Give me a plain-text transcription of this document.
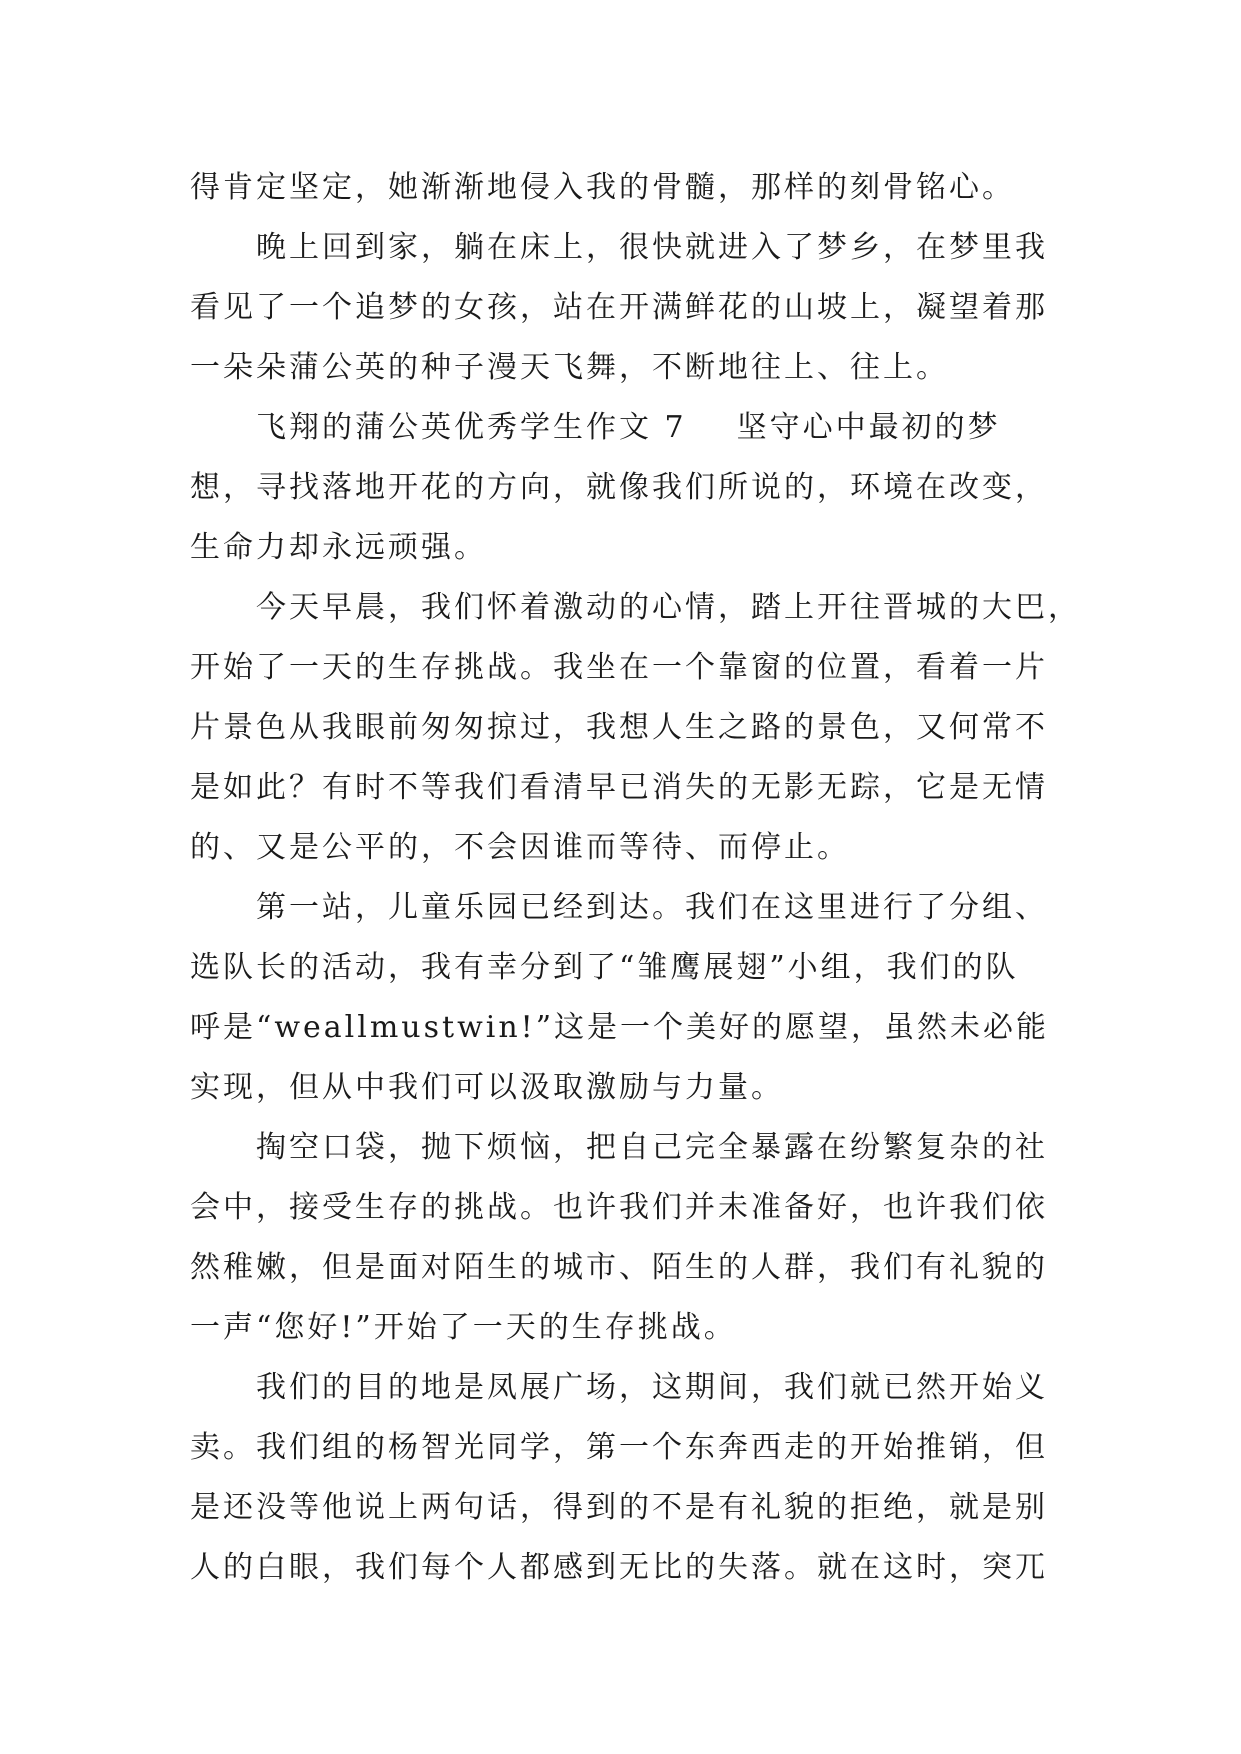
得肯定坚定，她渐渐地侵入我的骨髓，那样的刻骨铭心。
晚上回到家，躺在床上，很快就进入了梦乡，在梦里我
看见了一个追梦的女孩，站在开满鲜花的山坡上，凝望着那
一朵朵蒲公英的种子漫天飞舞，不断地往上、往上。
飞翔的蒲公英优秀学生作文 7 坚守心中最初的梦
想，寻找落地开花的方向，就像我们所说的，环境在改变，
生命力却永远顽强。
今天早晨，我们怀着激动的心情，踏上开往晋城的大巴，
开始了一天的生存挑战。我坐在一个靠窗的位置，看着一片
片景色从我眼前匆匆掠过，我想人生之路的景色，又何常不
是如此？有时不等我们看清早已消失的无影无踪，它是无情
的、又是公平的，不会因谁而等待、而停止。
第一站，儿童乐园已经到达。我们在这里进行了分组、
选队长的活动，我有幸分到了“雏鹰展翅”小组，我们的队
呼是“weallmustwin!”这是一个美好的愿望，虽然未必能
实现，但从中我们可以汲取激励与力量。
掏空口袋，抛下烦恼，把自己完全暴露在纷繁复杂的社
会中，接受生存的挑战。也许我们并未准备好，也许我们依
然稚嫩，但是面对陌生的城市、陌生的人群，我们有礼貌的
一声“您好!”开始了一天的生存挑战。
我们的目的地是凤展广场，这期间，我们就已然开始义
卖。我们组的杨智光同学，第一个东奔西走的开始推销，但
是还没等他说上两句话，得到的不是有礼貌的拒绝，就是别
人的白眼，我们每个人都感到无比的失落。就在这时，突兀
